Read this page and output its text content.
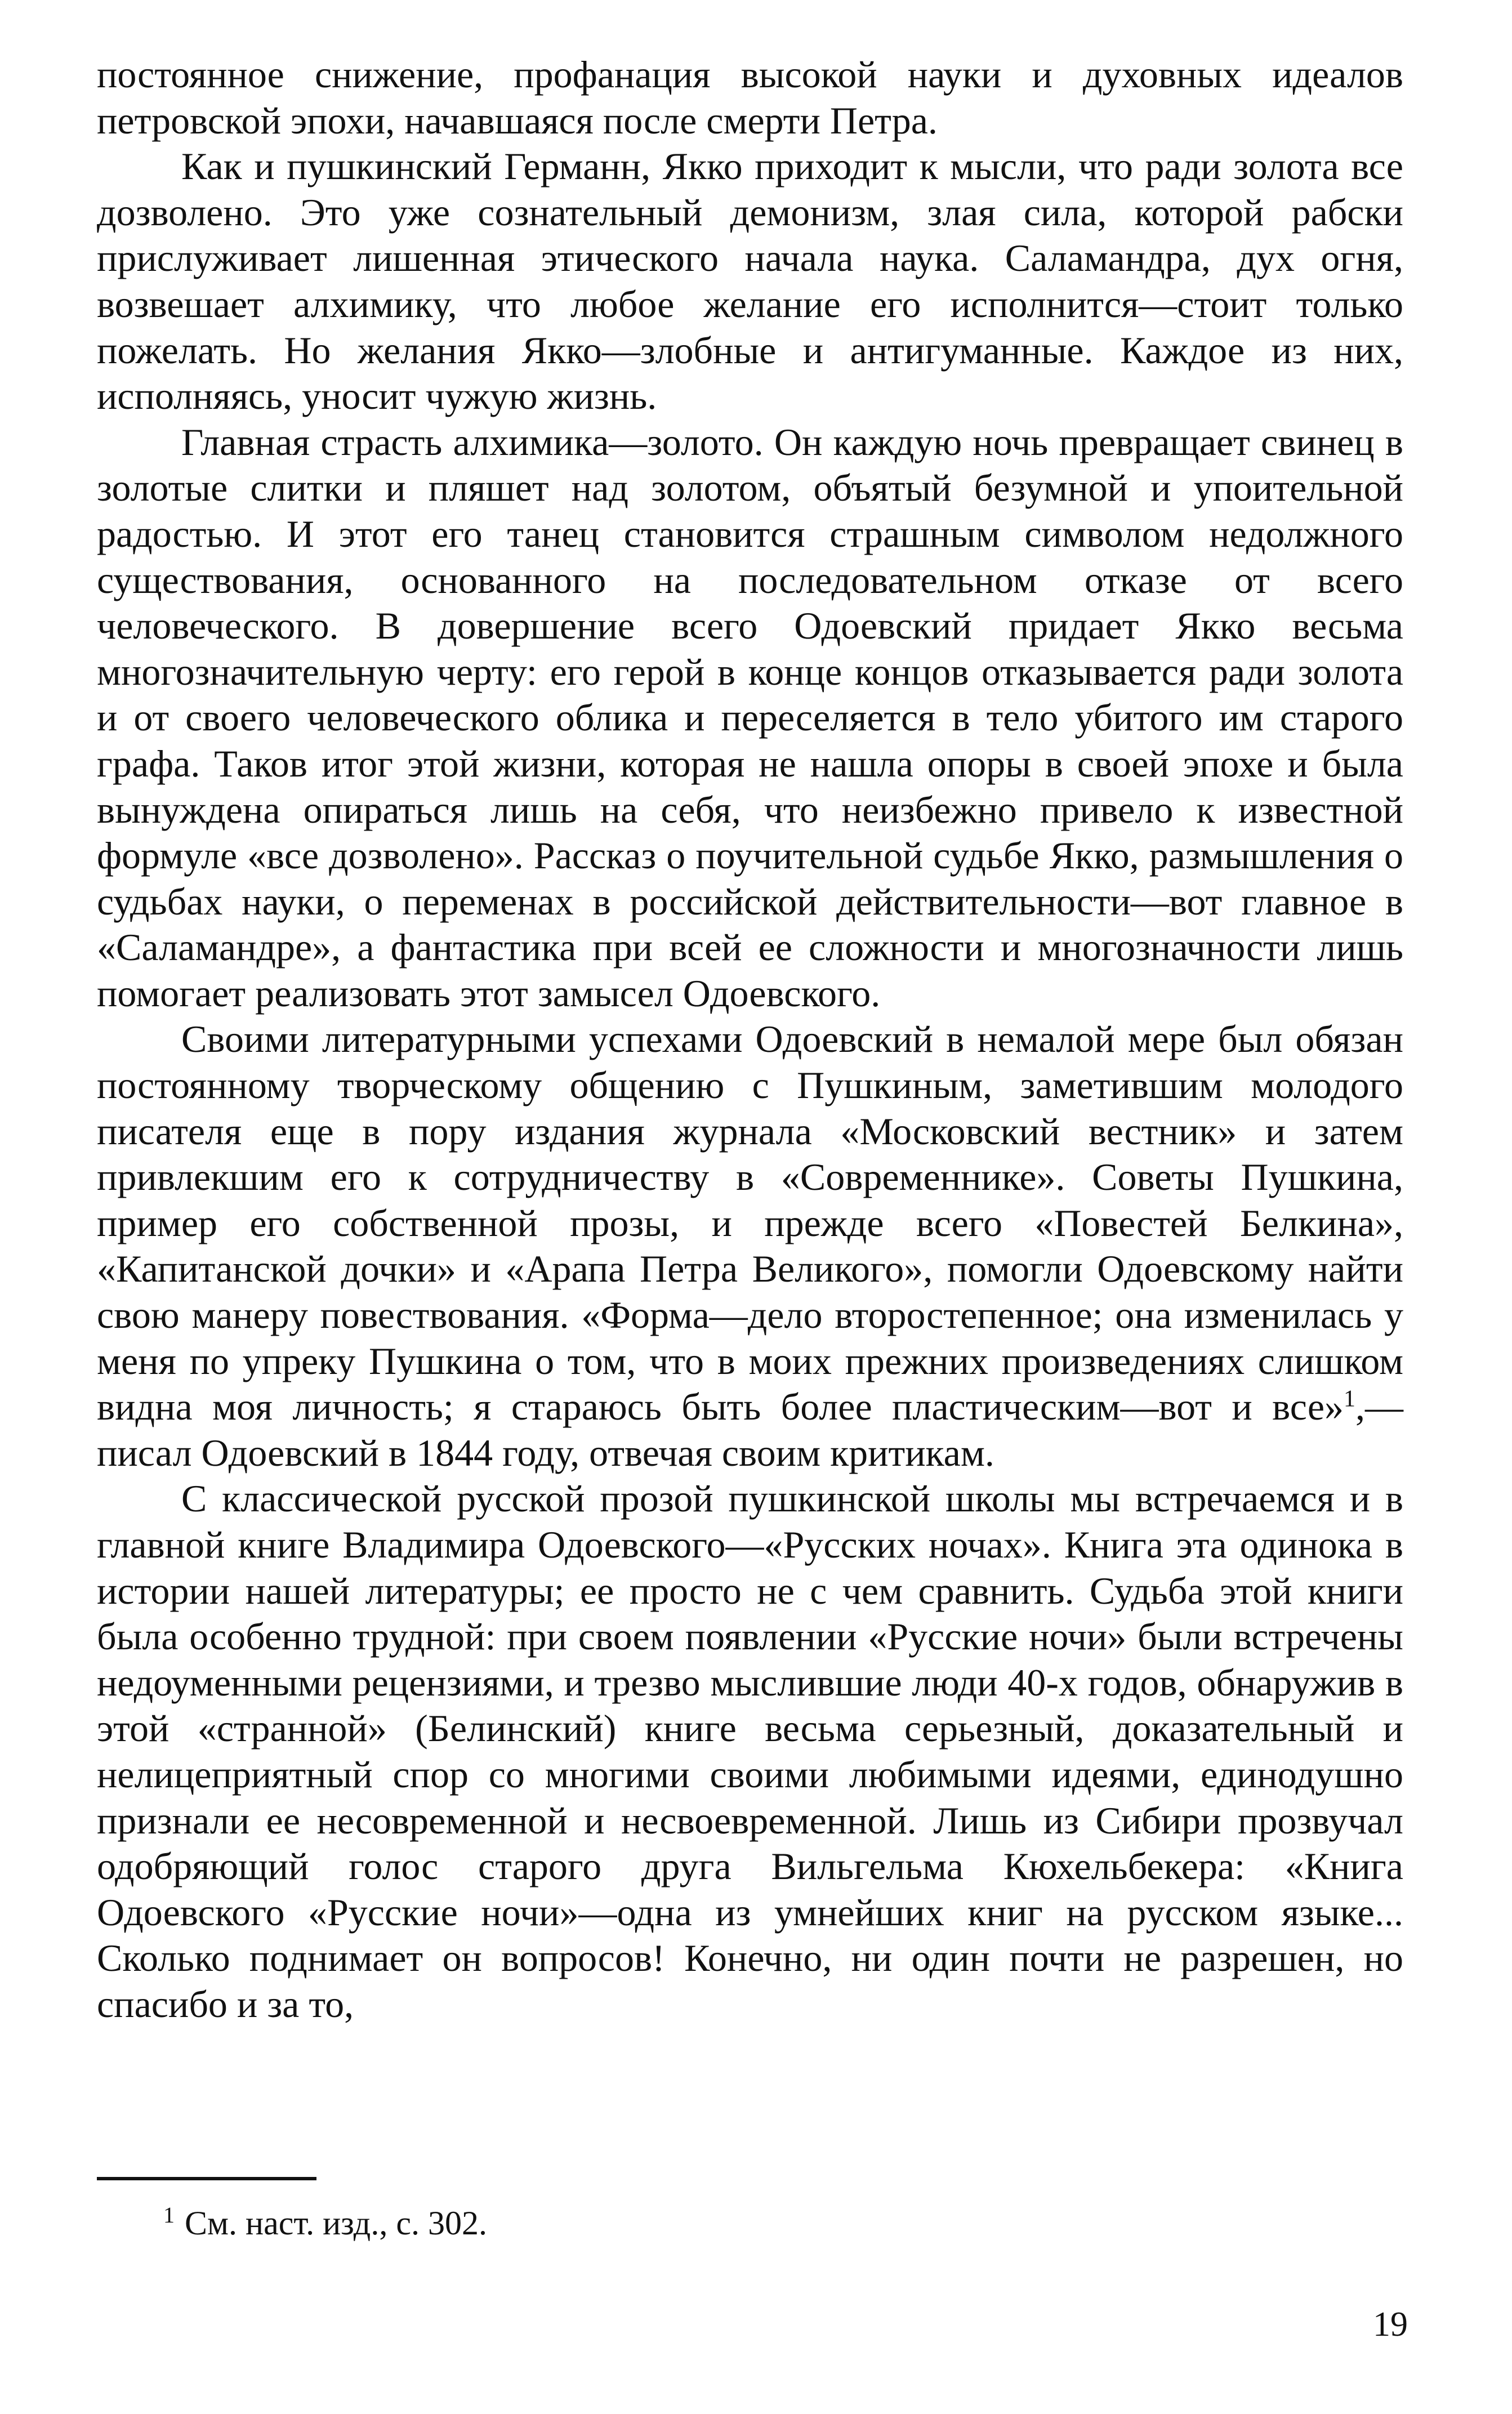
постоянное снижение, профанация высокой науки и духовных идеалов петровской эпохи, начавшаяся после смерти Петра.

Как и пушкинский Германн, Якко приходит к мысли, что ради золота все дозволено. Это уже сознательный демонизм, злая сила, которой рабски прислуживает лишенная этического начала наука. Саламандра, дух огня, возвешает алхимику, что любое желание его исполнится—стоит только пожелать. Но желания Якко—злобные и антигуманные. Каждое из них, исполняясь, уносит чужую жизнь.

Главная страсть алхимика—золото. Он каждую ночь превращает свинец в золотые слитки и пляшет над золотом, объятый безумной и упоительной радостью. И этот его танец становится страшным символом недолжного существования, основанного на последовательном отказе от всего человеческого. В довершение всего Одоевский придает Якко весьма многозначительную черту: его герой в конце концов отказывается ради золота и от своего человеческого облика и переселяется в тело убитого им старого графа. Таков итог этой жизни, которая не нашла опоры в своей эпохе и была вынуждена опираться лишь на себя, что неизбежно привело к известной формуле «все дозволено». Рассказ о поучительной судьбе Якко, размышления о судьбах науки, о переменах в российской действительности—вот главное в «Саламандре», а фантастика при всей ее сложности и многозначности лишь помогает реализовать этот замысел Одоевского.

Своими литературными успехами Одоевский в немалой мере был обязан постоянному творческому общению с Пушкиным, заметившим молодого писателя еще в пору издания журнала «Московский вестник» и затем привлекшим его к сотрудничеству в «Современнике». Советы Пушкина, пример его собственной прозы, и прежде всего «Повестей Белкина», «Капитанской дочки» и «Арапа Петра Великого», помогли Одоевскому найти свою манеру повествования. «Форма—дело второстепенное; она изменилась у меня по упреку Пушкина о том, что в моих прежних произведениях слишком видна моя личность; я стараюсь быть более пластическим—вот и все»$^1$,—писал Одоевский в 1844 году, отвечая своим критикам.

С классической русской прозой пушкинской школы мы встречаемся и в главной книге Владимира Одоевского—«Русских ночах». Книга эта одинока в истории нашей литературы; ее просто не с чем сравнить. Судьба этой книги была особенно трудной: при своем появлении «Русские ночи» были встречены недоуменными рецензиями, и трезво мыслившие люди 40-х годов, обнаружив в этой «странной» (Белинский) книге весьма серьезный, доказательный и нелицеприятный спор со многими своими любимыми идеями, единодушно признали ее несовременной и несвоевременной. Лишь из Сибири прозвучал одобряющий голос старого друга Вильгельма Кюхельбекера: «Книга Одоевского «Русские ночи»—одна из умнейших книг на русском языке... Сколько поднимает он вопросов! Конечно, ни один почти не разрешен, но спасибо и за то,

$^1$ См. наст. изд., с. 302.
19
